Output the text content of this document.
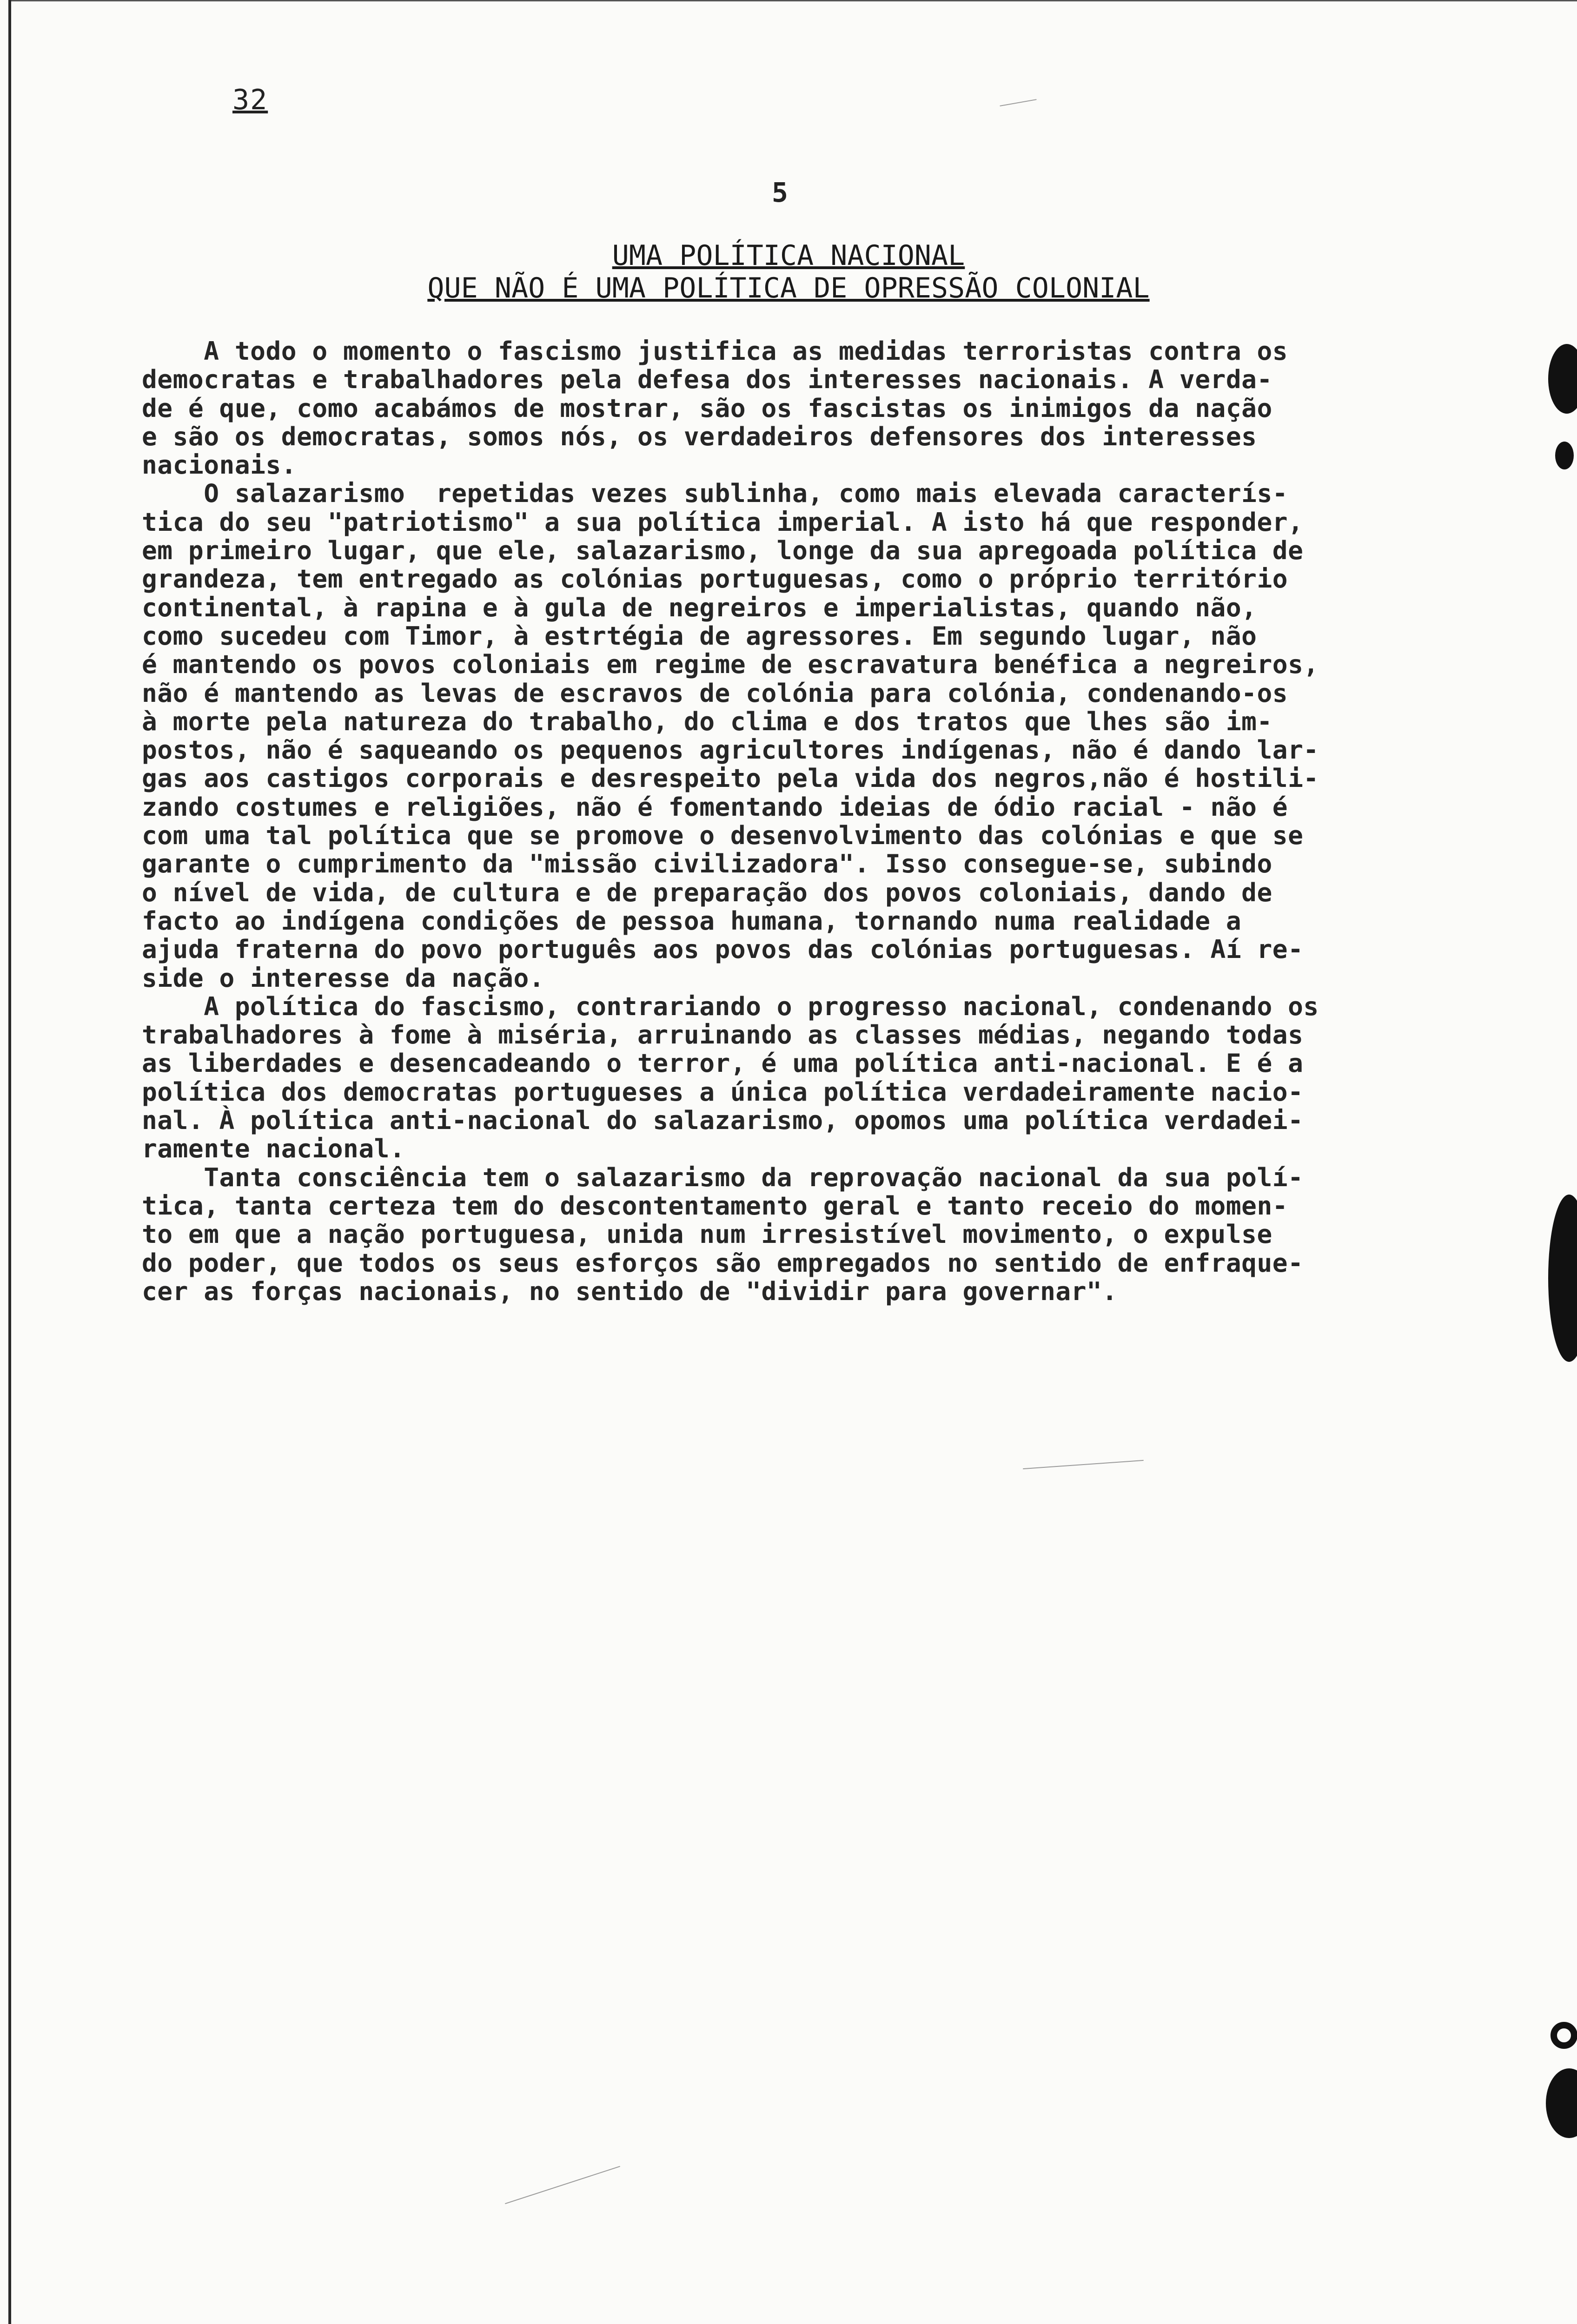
32
5
UMA POLÍTICA NACIONAL
QUE NÃO É UMA POLÍTICA DE OPRESSÃO COLONIAL
A todo o momento o fascismo justifica as medidas terroristas contra os
democratas e trabalhadores pela defesa dos interesses nacionais. A verda-
de é que, como acabámos de mostrar, são os fascistas os inimigos da nação
e são os democratas, somos nós, os verdadeiros defensores dos interesses
nacionais.
O salazarismo  repetidas vezes sublinha, como mais elevada caracterís-
tica do seu "patriotismo" a sua política imperial. A isto há que responder,
em primeiro lugar, que ele, salazarismo, longe da sua apregoada política de
grandeza, tem entregado as colónias portuguesas, como o próprio território
continental, à rapina e à gula de negreiros e imperialistas, quando não,
como sucedeu com Timor, à estrtégia de agressores. Em segundo lugar, não
é mantendo os povos coloniais em regime de escravatura benéfica a negreiros,
não é mantendo as levas de escravos de colónia para colónia, condenando-os
à morte pela natureza do trabalho, do clima e dos tratos que lhes são im-
postos, não é saqueando os pequenos agricultores indígenas, não é dando lar-
gas aos castigos corporais e desrespeito pela vida dos negros,não é hostili-
zando costumes e religiões, não é fomentando ideias de ódio racial - não é
com uma tal política que se promove o desenvolvimento das colónias e que se
garante o cumprimento da "missão civilizadora". Isso consegue-se, subindo
o nível de vida, de cultura e de preparação dos povos coloniais, dando de
facto ao indígena condições de pessoa humana, tornando numa realidade a
ajuda fraterna do povo português aos povos das colónias portuguesas. Aí re-
side o interesse da nação.
A política do fascismo, contrariando o progresso nacional, condenando os
trabalhadores à fome à miséria, arruinando as classes médias, negando todas
as liberdades e desencadeando o terror, é uma política anti-nacional. E é a
política dos democratas portugueses a única política verdadeiramente nacio-
nal. À política anti-nacional do salazarismo, opomos uma política verdadei-
ramente nacional.
Tanta consciência tem o salazarismo da reprovação nacional da sua polí-
tica, tanta certeza tem do descontentamento geral e tanto receio do momen-
to em que a nação portuguesa, unida num irresistível movimento, o expulse
do poder, que todos os seus esforços são empregados no sentido de enfraque-
cer as forças nacionais, no sentido de "dividir para governar".
